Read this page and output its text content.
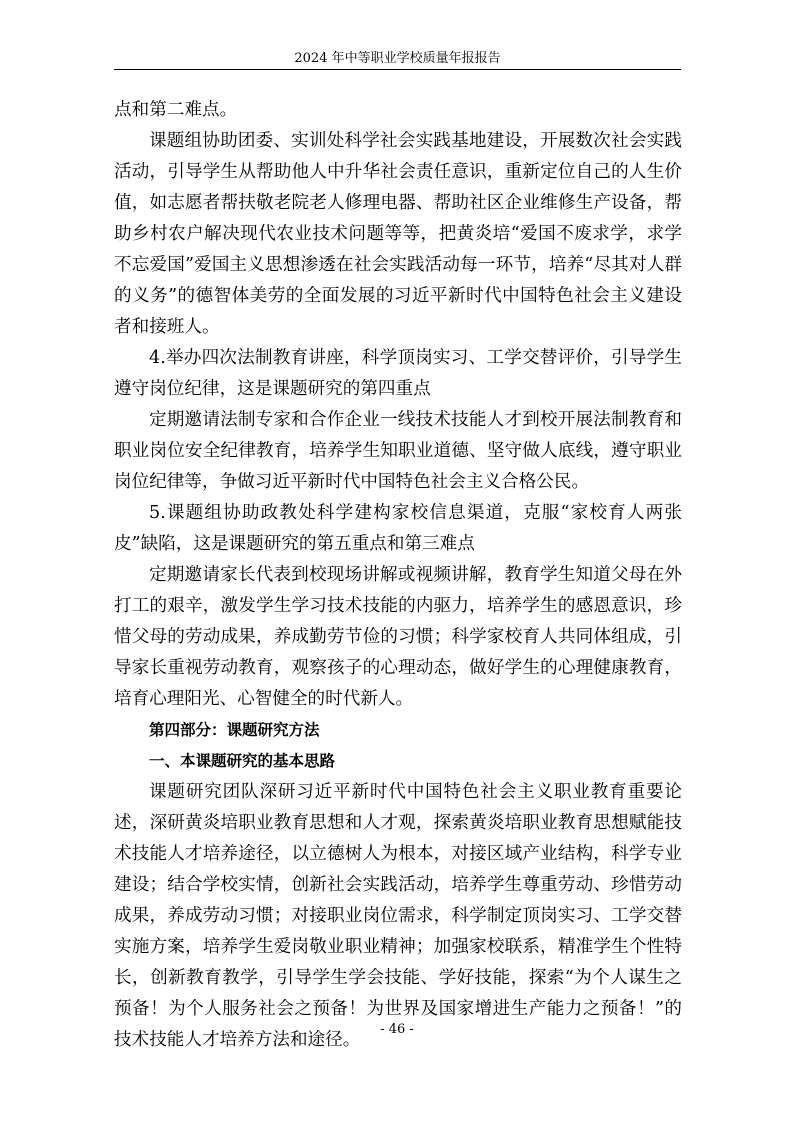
2024 年中等职业学校质量年报报告

点和第二难点。

课题组协助团委、实训处科学社会实践基地建设，开展数次社会实践活动，引导学生从帮助他人中升华社会责任意识，重新定位自己的人生价值，如志愿者帮扶敬老院老人修理电器、帮助社区企业维修生产设备，帮助乡村农户解决现代农业技术问题等等，把黄炎培“爱国不废求学，求学不忘爱国”爱国主义思想渗透在社会实践活动每一环节，培养“尽其对人群的义务”的德智体美劳的全面发展的习近平新时代中国特色社会主义建设者和接班人。

4.举办四次法制教育讲座，科学顶岗实习、工学交替评价，引导学生遵守岗位纪律，这是课题研究的第四重点

定期邀请法制专家和合作企业一线技术技能人才到校开展法制教育和职业岗位安全纪律教育，培养学生知职业道德、坚守做人底线，遵守职业岗位纪律等，争做习近平新时代中国特色社会主义合格公民。

5.课题组协助政教处科学建构家校信息渠道，克服“家校育人两张皮”缺陷，这是课题研究的第五重点和第三难点

定期邀请家长代表到校现场讲解或视频讲解，教育学生知道父母在外打工的艰辛，激发学生学习技术技能的内驱力，培养学生的感恩意识，珍惜父母的劳动成果，养成勤劳节俭的习惯；科学家校育人共同体组成，引导家长重视劳动教育，观察孩子的心理动态，做好学生的心理健康教育，培育心理阳光、心智健全的时代新人。

第四部分：课题研究方法

一、本课题研究的基本思路

课题研究团队深研习近平新时代中国特色社会主义职业教育重要论述，深研黄炎培职业教育思想和人才观，探索黄炎培职业教育思想赋能技术技能人才培养途径，以立德树人为根本，对接区域产业结构，科学专业建设；结合学校实情，创新社会实践活动，培养学生尊重劳动、珍惜劳动成果，养成劳动习惯；对接职业岗位需求，科学制定顶岗实习、工学交替实施方案，培养学生爱岗敬业职业精神；加强家校联系，精准学生个性特长，创新教育教学，引导学生学会技能、学好技能，探索“为个人谋生之预备！为个人服务社会之预备！为世界及国家增进生产能力之预备！”的技术技能人才培养方法和途径。

- 46 -
